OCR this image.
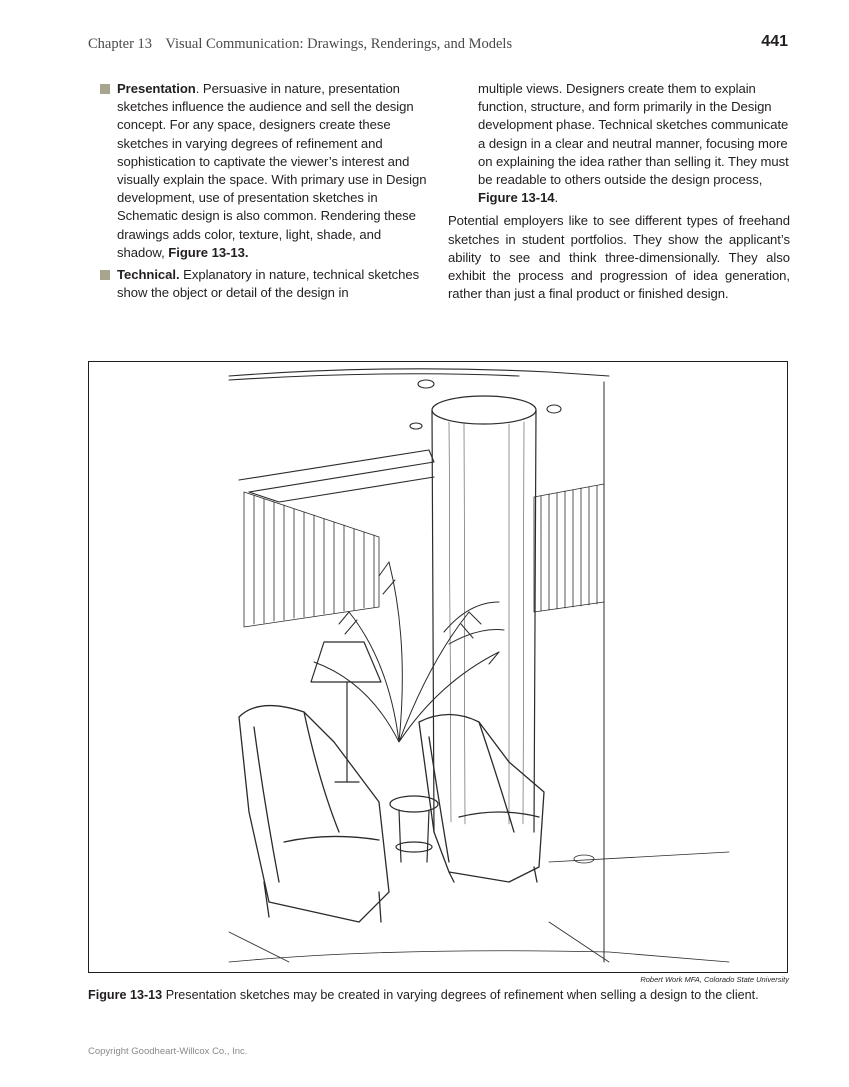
Chapter 13 Visual Communication: Drawings, Renderings, and Models	441
Presentation. Persuasive in nature, presentation sketches influence the audience and sell the design concept. For any space, designers create these sketches in varying degrees of refinement and sophistication to captivate the viewer’s interest and visually explain the space. With primary use in Design development, use of presentation sketches in Schematic design is also common. Rendering these drawings adds color, texture, light, shade, and shadow, Figure 13-13.
Technical. Explanatory in nature, technical sketches show the object or detail of the design in
multiple views. Designers create them to explain function, structure, and form primarily in the Design development phase. Technical sketches communicate a design in a clear and neutral manner, focusing more on explaining the idea rather than selling it. They must be readable to others outside the design process, Figure 13-14.
Potential employers like to see different types of freehand sketches in student portfolios. They show the applicant’s ability to see and think three-dimensionally. They also exhibit the process and progression of idea generation, rather than just a final product or finished design.
Robert Work MFA, Colorado State University
Figure 13-13 Presentation sketches may be created in varying degrees of refinement when selling a design to the client.
Copyright Goodheart-Willcox Co., Inc.
